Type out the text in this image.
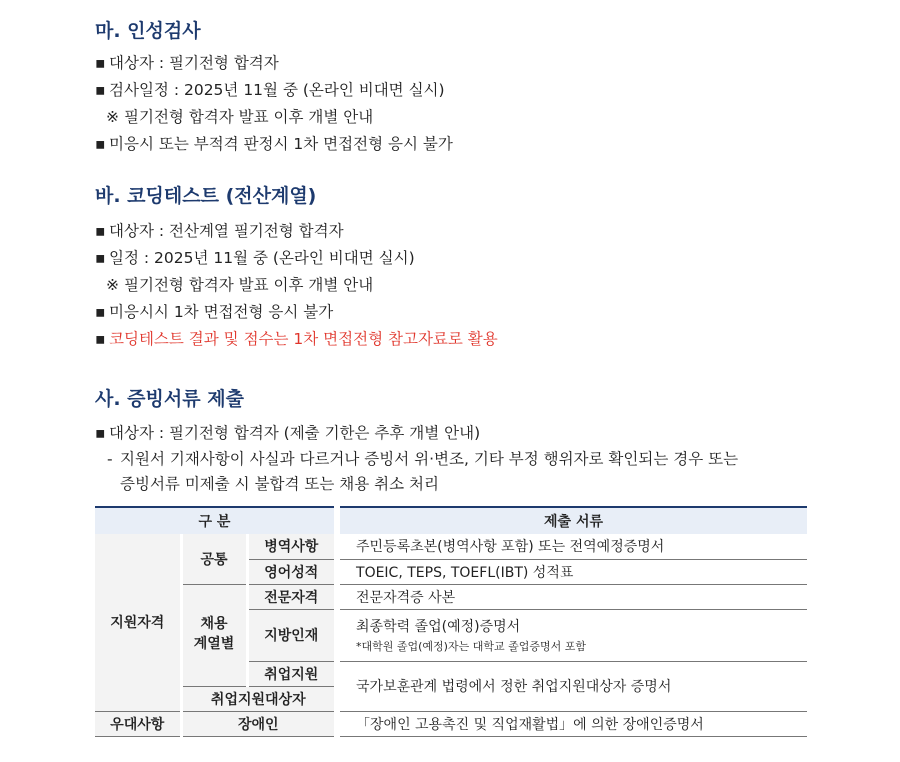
마. 인성검사
▪ 대상자 : 필기전형 합격자
▪ 검사일정 : 2025년 11월 중 (온라인 비대면 실시)
※ 필기전형 합격자 발표 이후 개별 안내
▪ 미응시 또는 부적격 판정시 1차 면접전형 응시 불가
바. 코딩테스트 (전산계열)
▪ 대상자 : 전산계열 필기전형 합격자
▪ 일정 : 2025년 11월 중 (온라인 비대면 실시)
※ 필기전형 합격자 발표 이후 개별 안내
▪ 미응시시 1차 면접전형 응시 불가
▪ 코딩테스트 결과 및 점수는 1차 면접전형 참고자료로 활용
사. 증빙서류 제출
▪ 대상자 : 필기전형 합격자 (제출 기한은 추후 개별 안내)
- 지원서 기재사항이 사실과 다르거나 증빙서 위·변조, 기타 부정 행위자로 확인되는 경우 또는
증빙서류 미제출 시 불합격 또는 채용 취소 처리
구 분				제출 서류
지원자격	공통	병역사항		주민등록초본(병역사항 포함) 또는 전역예정증명서
		영어성적		TOEIC, TEPS, TOEFL(IBT) 성적표
	채용
계열별	전문자격		전문자격증 사본
		지방인재		최종학력 졸업(예정)증명서
*대학원 졸업(예정)자는 대학교 졸업증명서 포함

		취업지원		국가보훈관계 법령에서 정한 취업지원대상자 증명서
	취업지원대상자			
우대사항	장애인			「장애인 고용촉진 및 직업재활법」에 의한 장애인증명서
